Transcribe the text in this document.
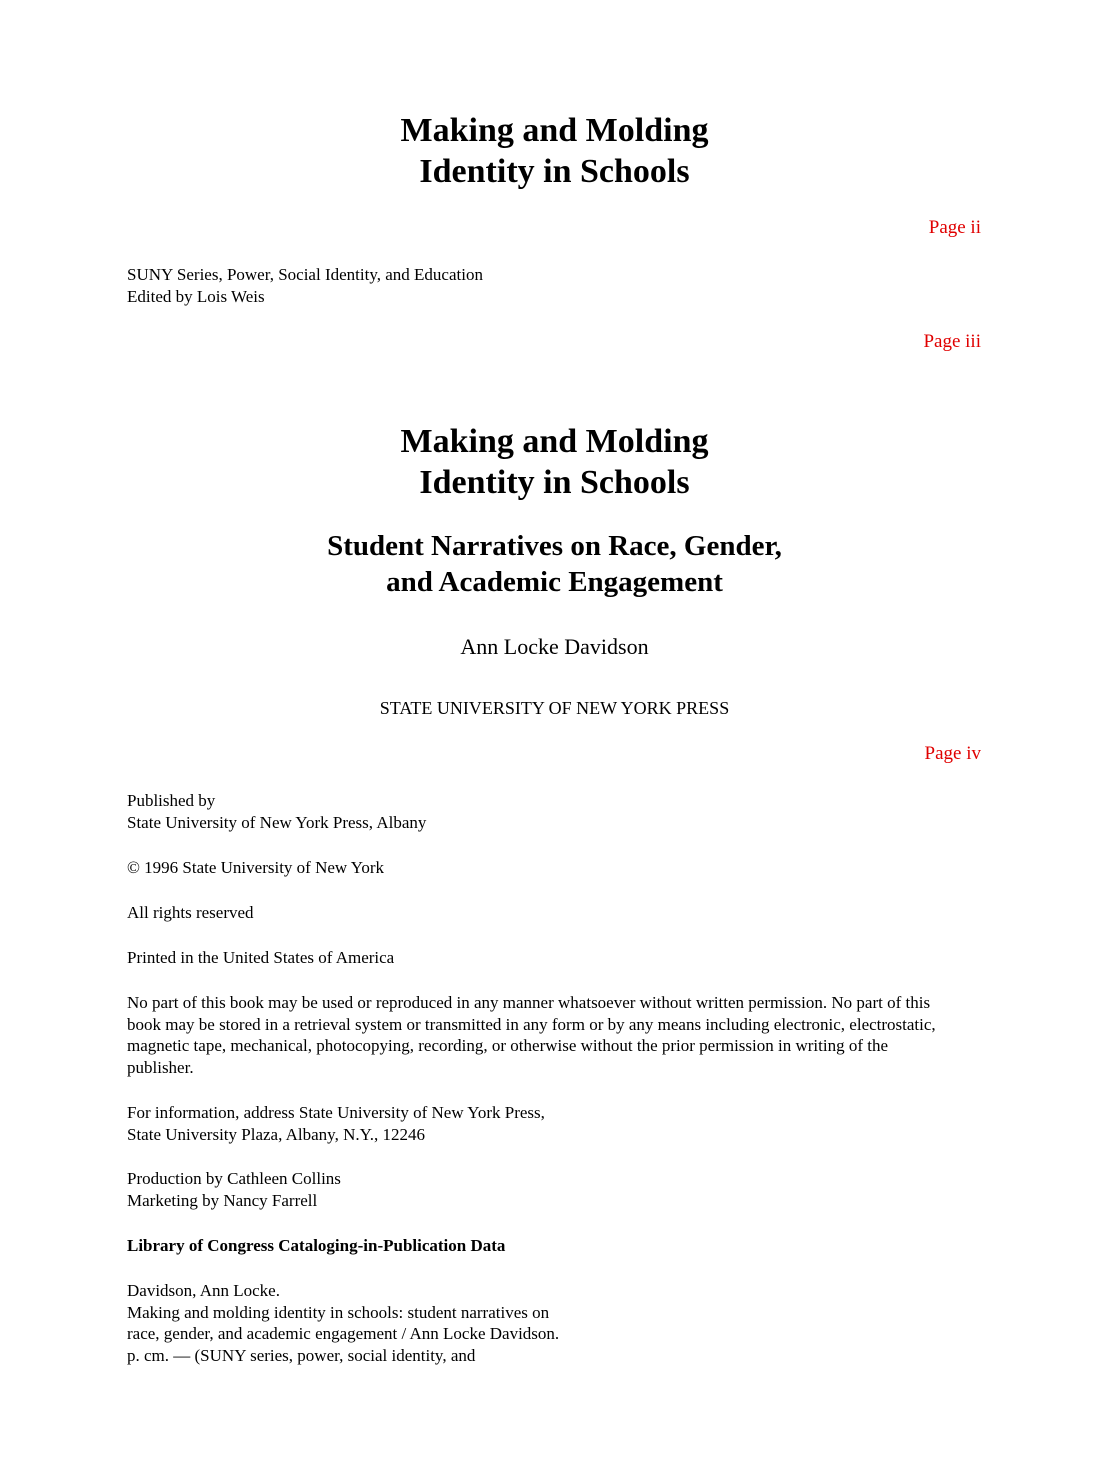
Making and Molding
Identity in Schools
Page ii
SUNY Series, Power, Social Identity, and Education
Edited by Lois Weis
Page iii
Making and Molding
Identity in Schools
Student Narratives on Race, Gender,
and Academic Engagement
Ann Locke Davidson
STATE UNIVERSITY OF NEW YORK PRESS
Page iv
Published by
State University of New York Press, Albany
© 1996 State University of New York
All rights reserved
Printed in the United States of America
No part of this book may be used or reproduced in any manner whatsoever without written permission. No part of this
book may be stored in a retrieval system or transmitted in any form or by any means including electronic, electrostatic,
magnetic tape, mechanical, photocopying, recording, or otherwise without the prior permission in writing of the
publisher.
For information, address State University of New York Press,
State University Plaza, Albany, N.Y., 12246
Production by Cathleen Collins
Marketing by Nancy Farrell
Library of Congress Cataloging-in-Publication Data
Davidson, Ann Locke.
Making and molding identity in schools: student narratives on
race, gender, and academic engagement / Ann Locke Davidson.
p. cm. — (SUNY series, power, social identity, and
